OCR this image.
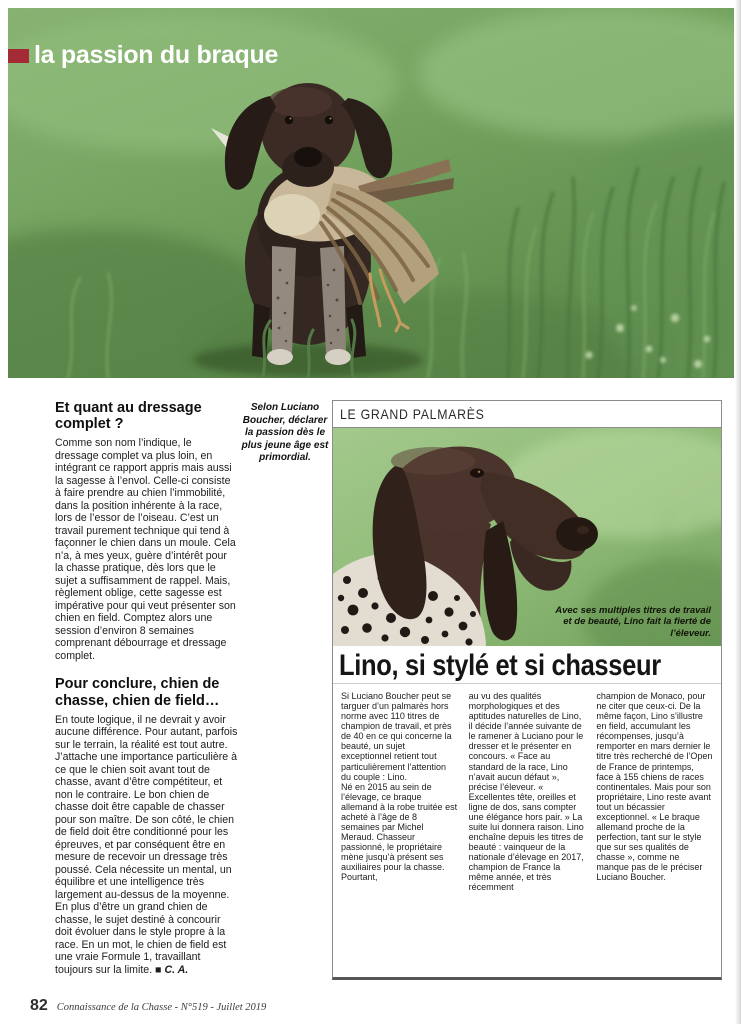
la passion du braque
Et quant au dressage complet ?

Comme son nom l’indique, le dressage complet va plus loin, en intégrant ce rapport appris mais aussi la sagesse à l’envol. Celle-ci consiste à faire prendre au chien l’immobilité, dans la position inhérente à la race, lors de l’essor de l’oiseau. C’est un travail purement technique qui tend à façonner le chien dans un moule. Cela n’a, à mes yeux, guère d’intérêt pour la chasse pratique, dès lors que le sujet a suffisamment de rappel. Mais, règlement oblige, cette sagesse est impérative pour qui veut présenter son chien en field. Comptez alors une session d’environ 8 semaines comprenant débourrage et dressage complet.

Pour conclure, chien de chasse, chien de field…

En toute logique, il ne devrait y avoir aucune différence. Pour autant, parfois sur le terrain, la réalité est tout autre. J’attache une importance particulière à ce que le chien soit avant tout de chasse, avant d’être compétiteur, et non le contraire. Le bon chien de chasse doit être capable de chasser pour son maître. De son côté, le chien de field doit être conditionné pour les épreuves, et par conséquent être en mesure de recevoir un dressage très poussé. Cela nécessite un mental, un équilibre et une intelligence très largement au-dessus de la moyenne. En plus d’être un grand chien de chasse, le sujet destiné à concourir doit évoluer dans le style propre à la race. En un mot, le chien de field est une vraie Formule 1, travaillant toujours sur la limite. ■ C. A.

Selon Luciano Boucher, déclarer la passion dès le plus jeune âge est primordial.
LE GRAND PALMARÈS
Avec ses multiples titres de travail et de beauté, Lino fait la fierté de l’éleveur.
Lino, si stylé et si chasseur

Si Luciano Boucher peut se targuer d’un palmarès hors norme avec 110 titres de champion de travail, et près de 40 en ce qui concerne la beauté, un sujet exceptionnel retient tout particulièrement l’attention du couple : Lino.

Né en 2015 au sein de l’élevage, ce braque allemand à la robe truitée est acheté à l’âge de 8 semaines par Michel Meraud. Chasseur passionné, le propriétaire mène jusqu’à présent ses auxiliaires pour la chasse. Pourtant,

au vu des qualités morphologiques et des aptitudes naturelles de Lino, il décide l’année suivante de le ramener à Luciano pour le dresser et le présenter en concours. « Face au standard de la race, Lino n’avait aucun défaut », précise l’éleveur. « Excellentes tête, oreilles et ligne de dos, sans compter une élégance hors pair. » La suite lui donnera raison. Lino enchaîne depuis les titres de beauté : vainqueur de la nationale d’élevage en 2017, champion de France la même année, et très récemment

champion de Monaco, pour ne citer que ceux-ci. De la même façon, Lino s’illustre en field, accumulant les récompenses, jusqu’à remporter en mars dernier le titre très recherché de l’Open de France de printemps, face à 155 chiens de races continentales. Mais pour son propriétaire, Lino reste avant tout un bécassier exceptionnel. « Le braque allemand proche de la perfection, tant sur le style que sur ses qualités de chasse », comme ne manque pas de le préciser Luciano Boucher.

82 Connaissance de la Chasse - N°519 - Juillet 2019
